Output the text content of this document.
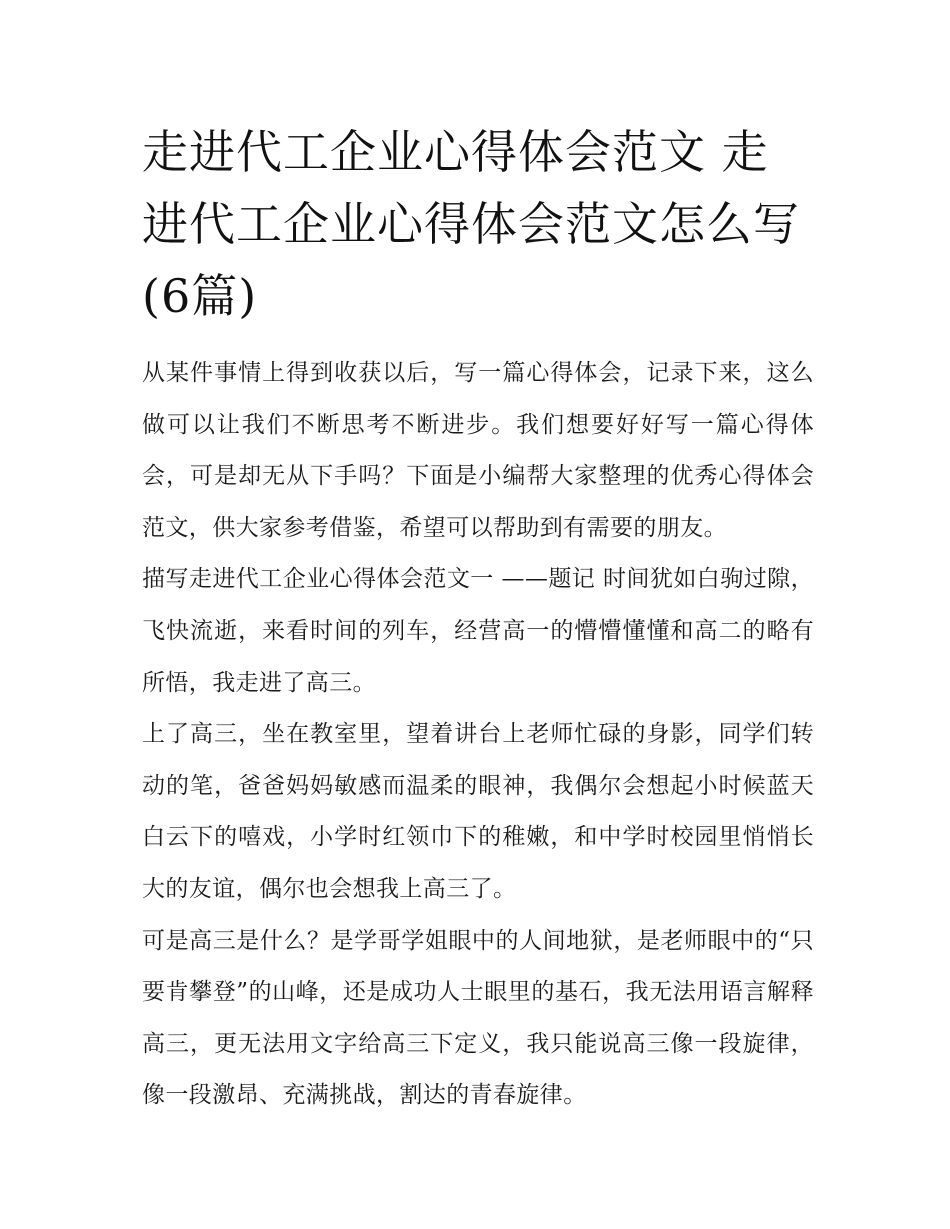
走进代工企业心得体会范文 走进代工企业心得体会范文怎么写(6篇)

从某件事情上得到收获以后，写一篇心得体会，记录下来，这么做可以让我们不断思考不断进步。我们想要好好写一篇心得体会，可是却无从下手吗？下面是小编帮大家整理的优秀心得体会范文，供大家参考借鉴，希望可以帮助到有需要的朋友。

描写走进代工企业心得体会范文一 ——题记 时间犹如白驹过隙，飞快流逝，来看时间的列车，经营高一的懵懵懂懂和高二的略有所悟，我走进了高三。

上了高三，坐在教室里，望着讲台上老师忙碌的身影，同学们转动的笔，爸爸妈妈敏感而温柔的眼神，我偶尔会想起小时候蓝天白云下的嘻戏，小学时红领巾下的稚嫩，和中学时校园里悄悄长大的友谊，偶尔也会想我上高三了。

可是高三是什么？是学哥学姐眼中的人间地狱，是老师眼中的“只要肯攀登”的山峰，还是成功人士眼里的基石，我无法用语言解释高三，更无法用文字给高三下定义，我只能说高三像一段旋律，像一段激昂、充满挑战，割达的青春旋律。
